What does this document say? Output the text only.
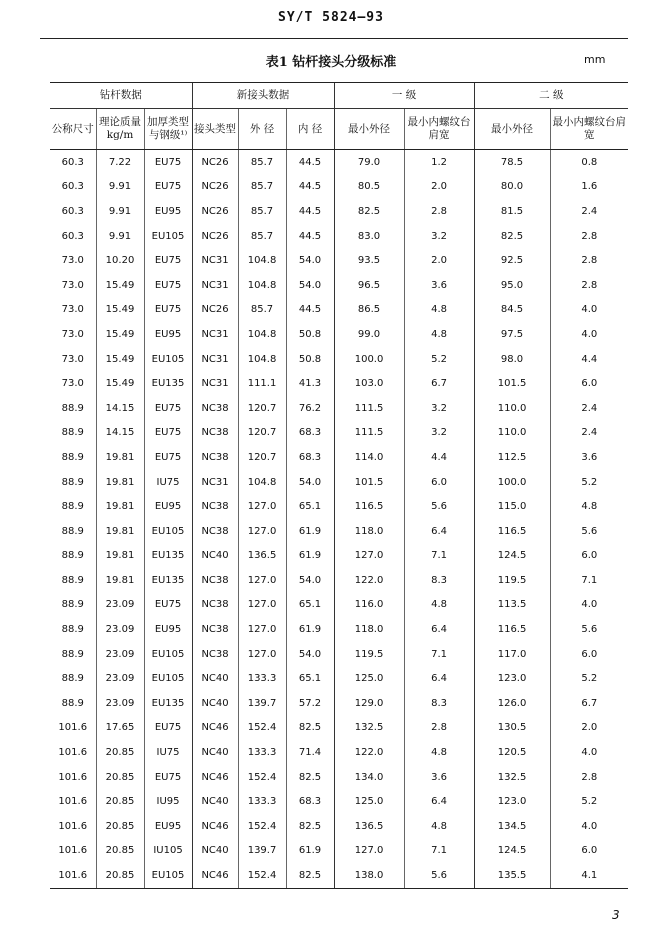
SY/T 5824—93
表1 钻杆接头分级标准	mm
钻杆数据			新接头数据			一 级		二 级	
公称尺寸	理论质量 kg/m	加厚类型 与钢级¹⁾	接头类型	外 径	内 径	最小外径	最小内螺纹台肩宽	最小外径	最小内螺纹台肩宽
60.3	7.22	EU75	NC26	85.7	44.5	79.0	1.2	78.5	0.8
60.3	9.91	EU75	NC26	85.7	44.5	80.5	2.0	80.0	1.6
60.3	9.91	EU95	NC26	85.7	44.5	82.5	2.8	81.5	2.4
60.3	9.91	EU105	NC26	85.7	44.5	83.0	3.2	82.5	2.8
73.0	10.20	EU75	NC31	104.8	54.0	93.5	2.0	92.5	2.8
73.0	15.49	EU75	NC31	104.8	54.0	96.5	3.6	95.0	2.8
73.0	15.49	EU75	NC26	85.7	44.5	86.5	4.8	84.5	4.0
73.0	15.49	EU95	NC31	104.8	50.8	99.0	4.8	97.5	4.0
73.0	15.49	EU105	NC31	104.8	50.8	100.0	5.2	98.0	4.4
73.0	15.49	EU135	NC31	111.1	41.3	103.0	6.7	101.5	6.0
88.9	14.15	EU75	NC38	120.7	76.2	111.5	3.2	110.0	2.4
88.9	14.15	EU75	NC38	120.7	68.3	111.5	3.2	110.0	2.4
88.9	19.81	EU75	NC38	120.7	68.3	114.0	4.4	112.5	3.6
88.9	19.81	IU75	NC31	104.8	54.0	101.5	6.0	100.0	5.2
88.9	19.81	EU95	NC38	127.0	65.1	116.5	5.6	115.0	4.8
88.9	19.81	EU105	NC38	127.0	61.9	118.0	6.4	116.5	5.6
88.9	19.81	EU135	NC40	136.5	61.9	127.0	7.1	124.5	6.0
88.9	19.81	EU135	NC38	127.0	54.0	122.0	8.3	119.5	7.1
88.9	23.09	EU75	NC38	127.0	65.1	116.0	4.8	113.5	4.0
88.9	23.09	EU95	NC38	127.0	61.9	118.0	6.4	116.5	5.6
88.9	23.09	EU105	NC38	127.0	54.0	119.5	7.1	117.0	6.0
88.9	23.09	EU105	NC40	133.3	65.1	125.0	6.4	123.0	5.2
88.9	23.09	EU135	NC40	139.7	57.2	129.0	8.3	126.0	6.7
101.6	17.65	EU75	NC46	152.4	82.5	132.5	2.8	130.5	2.0
101.6	20.85	IU75	NC40	133.3	71.4	122.0	4.8	120.5	4.0
101.6	20.85	EU75	NC46	152.4	82.5	134.0	3.6	132.5	2.8
101.6	20.85	IU95	NC40	133.3	68.3	125.0	6.4	123.0	5.2
101.6	20.85	EU95	NC46	152.4	82.5	136.5	4.8	134.5	4.0
101.6	20.85	IU105	NC40	139.7	61.9	127.0	7.1	124.5	6.0
101.6	20.85	EU105	NC46	152.4	82.5	138.0	5.6	135.5	4.1
3
